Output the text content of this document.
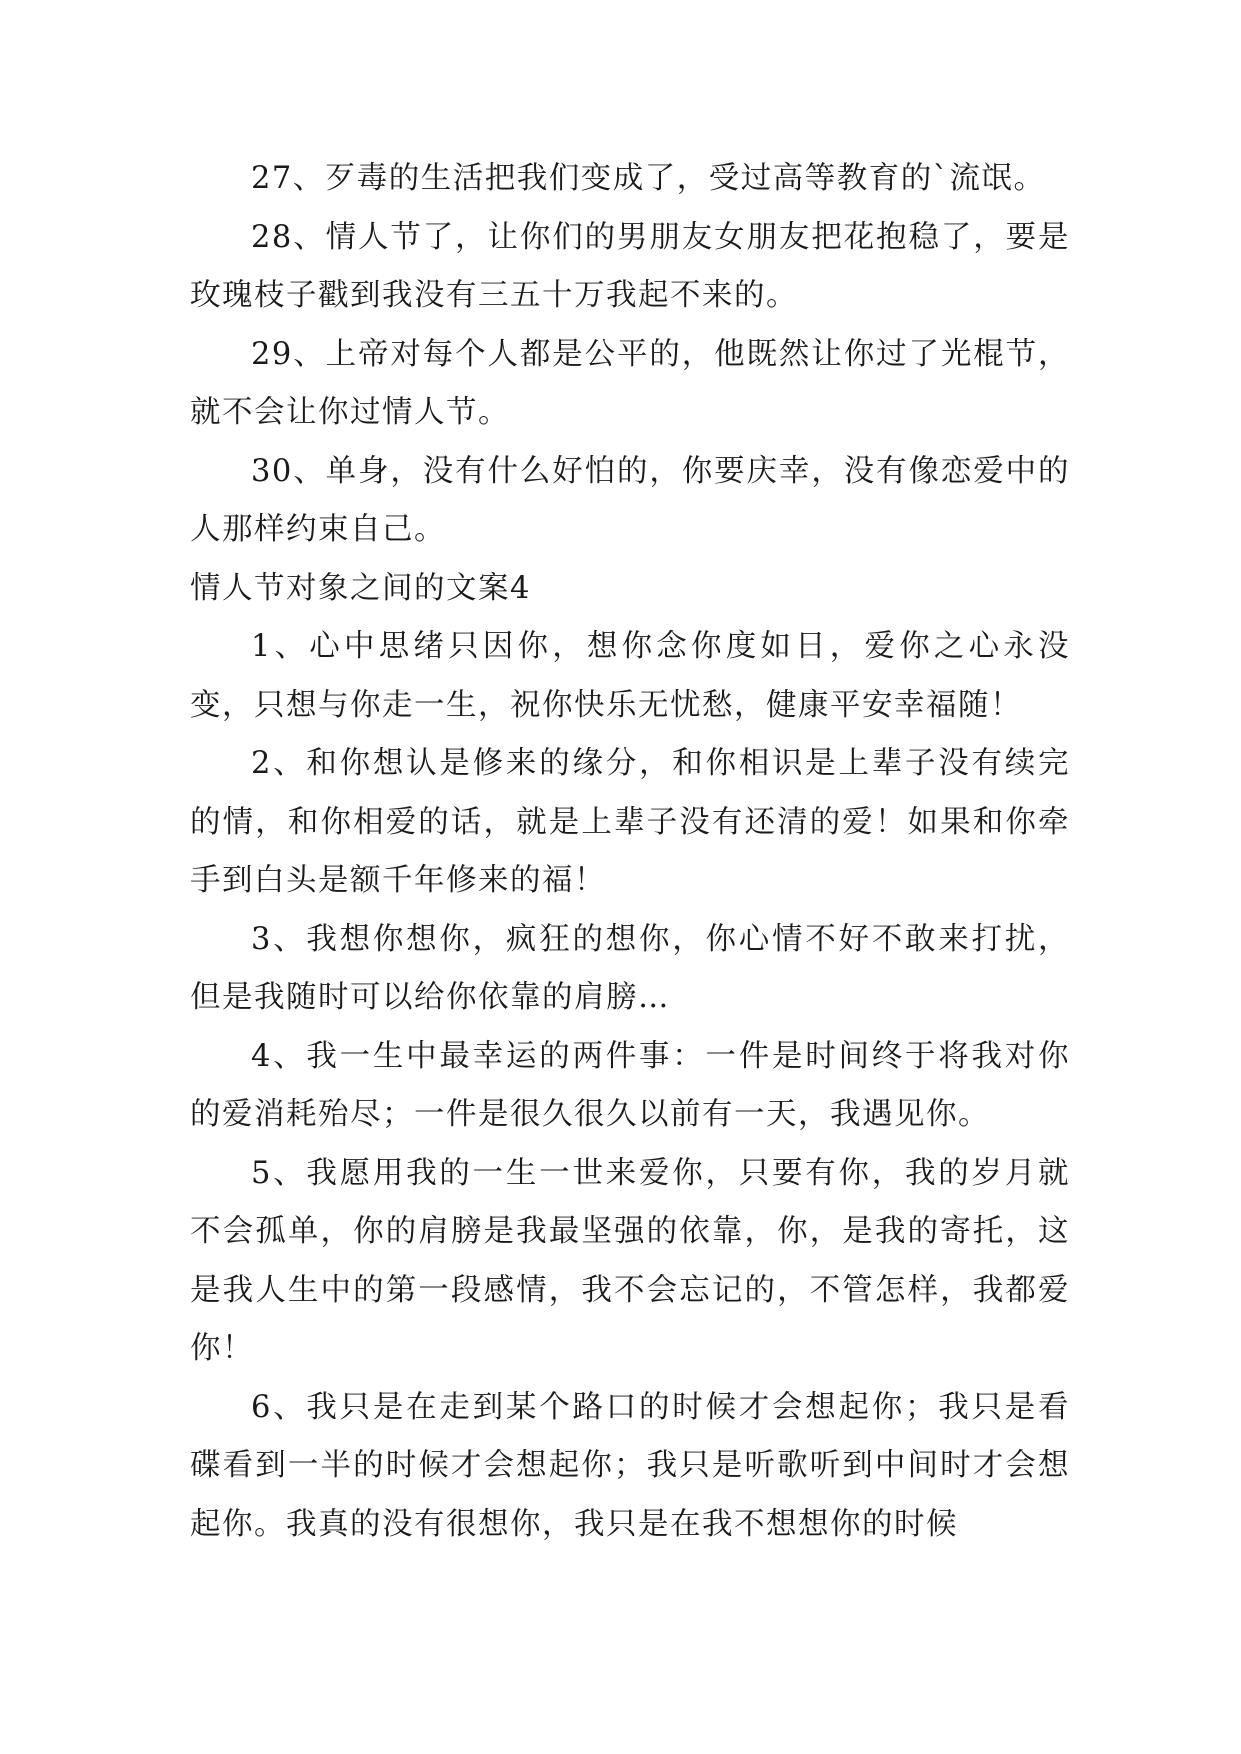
27、歹毒的生活把我们变成了，受过高等教育的`流氓。

28、情人节了，让你们的男朋友女朋友把花抱稳了，要是玫瑰枝子戳到我没有三五十万我起不来的。

29、上帝对每个人都是公平的，他既然让你过了光棍节，就不会让你过情人节。

30、单身，没有什么好怕的，你要庆幸，没有像恋爱中的人那样约束自己。

情人节对象之间的文案4

1、心中思绪只因你，想你念你度如日，爱你之心永没变，只想与你走一生，祝你快乐无忧愁，健康平安幸福随！

2、和你想认是修来的缘分，和你相识是上辈子没有续完的情，和你相爱的话，就是上辈子没有还清的爱！如果和你牵手到白头是额千年修来的福！

3、我想你想你，疯狂的想你，你心情不好不敢来打扰，但是我随时可以给你依靠的肩膀…

4、我一生中最幸运的两件事：一件是时间终于将我对你的爱消耗殆尽；一件是很久很久以前有一天，我遇见你。

5、我愿用我的一生一世来爱你，只要有你，我的岁月就不会孤单，你的肩膀是我最坚强的依靠，你，是我的寄托，这是我人生中的第一段感情，我不会忘记的，不管怎样，我都爱你！

6、我只是在走到某个路口的时候才会想起你；我只是看碟看到一半的时候才会想起你；我只是听歌听到中间时才会想起你。我真的没有很想你，我只是在我不想想你的时候
